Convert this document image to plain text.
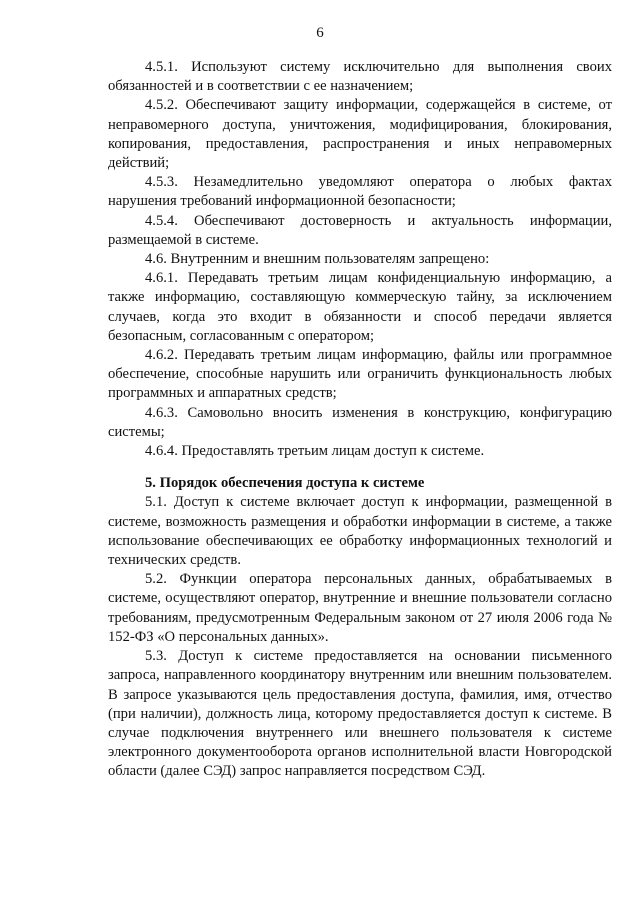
6

4.5.1. Используют систему исключительно для выполнения своих обязанностей и в соответствии с ее назначением;

4.5.2. Обеспечивают защиту информации, содержащейся в системе, от неправомерного доступа, уничтожения, модифицирования, блокирования, копирования, предоставления, распространения и иных неправомерных действий;

4.5.3. Незамедлительно уведомляют оператора о любых фактах нарушения требований информационной безопасности;

4.5.4. Обеспечивают достоверность и актуальность информации, размещаемой в системе.

4.6. Внутренним и внешним пользователям запрещено:

4.6.1. Передавать третьим лицам конфиденциальную информацию, а также информацию, составляющую коммерческую тайну, за исключением случаев, когда это входит в обязанности и способ передачи является безопасным, согласованным с оператором;

4.6.2. Передавать третьим лицам информацию, файлы или программное обеспечение, способные нарушить или ограничить функциональность любых программных и аппаратных средств;

4.6.3. Самовольно вносить изменения в конструкцию, конфигурацию системы;

4.6.4. Предоставлять третьим лицам доступ к системе.

5. Порядок обеспечения доступа к системе

5.1. Доступ к системе включает доступ к информации, размещенной в системе, возможность размещения и обработки информации в системе, а также использование обеспечивающих ее обработку информационных технологий и технических средств.

5.2. Функции оператора персональных данных, обрабатываемых в системе, осуществляют оператор, внутренние и внешние пользователи согласно требованиям, предусмотренным Федеральным законом от 27 июля 2006 года № 152-ФЗ «О персональных данных».

5.3. Доступ к системе предоставляется на основании письменного запроса, направленного координатору внутренним или внешним пользователем. В запросе указываются цель предоставления доступа, фамилия, имя, отчество (при наличии), должность лица, которому предоставляется доступ к системе. В случае подключения внутреннего или внешнего пользователя к системе электронного документооборота органов исполнительной власти Новгородской области (далее СЭД) запрос направляется посредством СЭД.
